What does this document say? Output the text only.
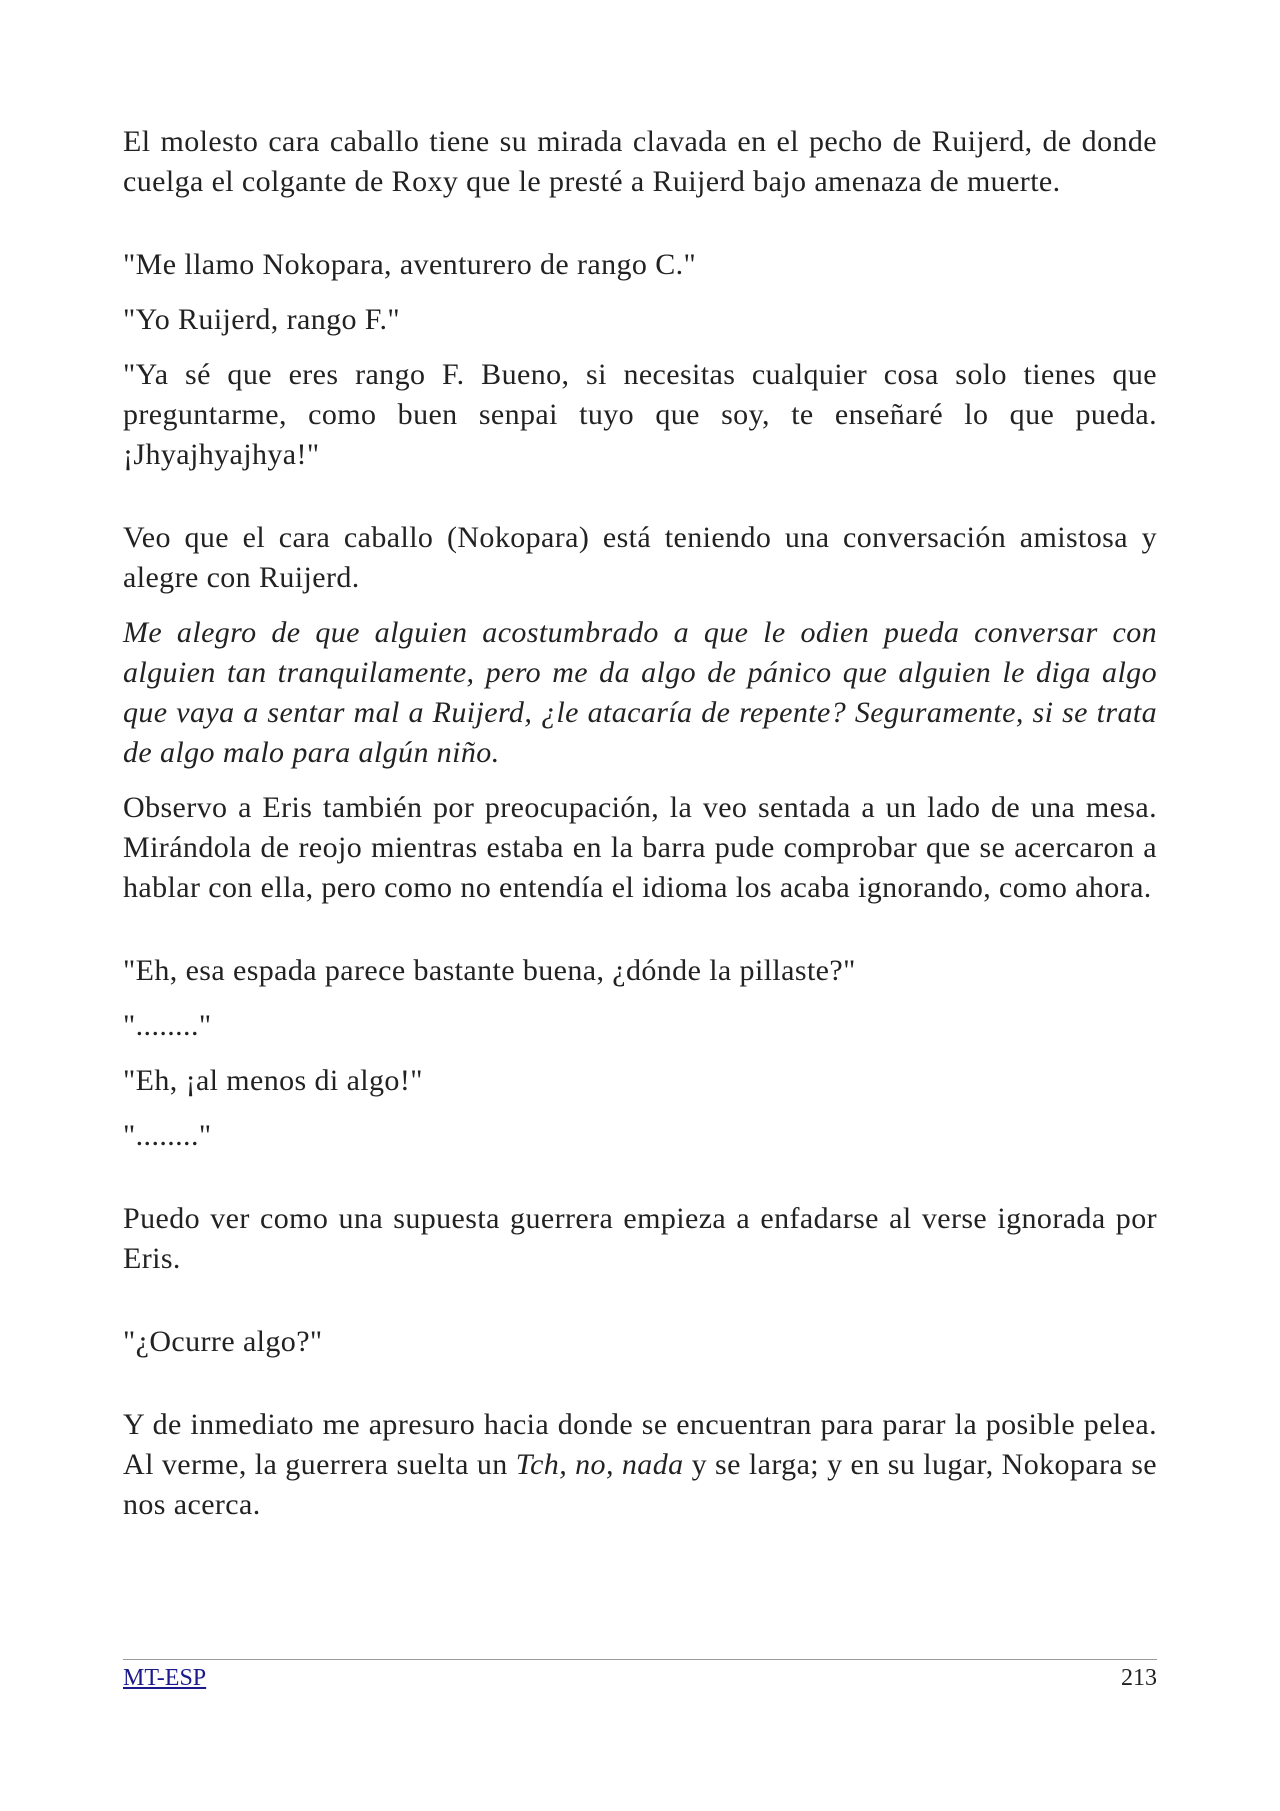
El molesto cara caballo tiene su mirada clavada en el pecho de Ruijerd, de donde cuelga el colgante de Roxy que le presté a Ruijerd bajo amenaza de muerte.

"Me llamo Nokopara, aventurero de rango C."

"Yo Ruijerd, rango F."

"Ya sé que eres rango F. Bueno, si necesitas cualquier cosa solo tienes que preguntarme, como buen senpai tuyo que soy, te enseñaré lo que pueda. ¡Jhyajhyajhya!"

Veo que el cara caballo (Nokopara) está teniendo una conversación amistosa y alegre con Ruijerd.

Me alegro de que alguien acostumbrado a que le odien pueda conversar con alguien tan tranquilamente, pero me da algo de pánico que alguien le diga algo que vaya a sentar mal a Ruijerd, ¿le atacaría de repente? Seguramente, si se trata de algo malo para algún niño.

Observo a Eris también por preocupación, la veo sentada a un lado de una mesa. Mirándola de reojo mientras estaba en la barra pude comprobar que se acercaron a hablar con ella, pero como no entendía el idioma los acaba ignorando, como ahora.

"Eh, esa espada parece bastante buena, ¿dónde la pillaste?"

"........"

"Eh, ¡al menos di algo!"

"........"

Puedo ver como una supuesta guerrera empieza a enfadarse al verse ignorada por Eris.

"¿Ocurre algo?"

Y de inmediato me apresuro hacia donde se encuentran para parar la posible pelea. Al verme, la guerrera suelta un Tch, no, nada y se larga; y en su lugar, Nokopara se nos acerca.

MT-ESP	213
